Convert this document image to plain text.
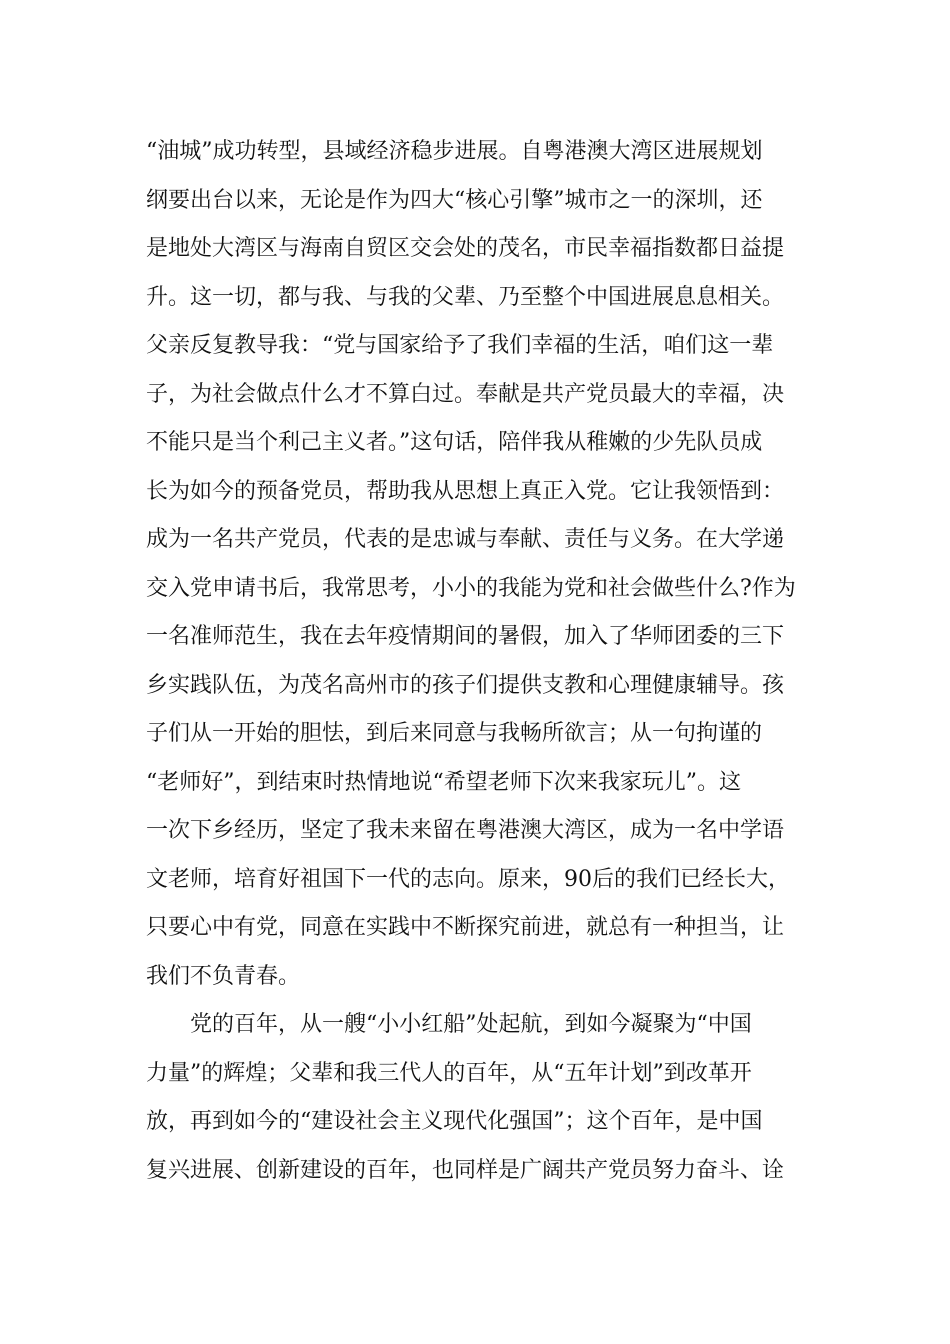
“油城”成功转型，县域经济稳步进展。自粤港澳大湾区进展规划
纲要出台以来，无论是作为四大“核心引擎”城市之一的深圳，还
是地处大湾区与海南自贸区交会处的茂名，市民幸福指数都日益提
升。这一切，都与我、与我的父辈、乃至整个中国进展息息相关。
父亲反复教导我：“党与国家给予了我们幸福的生活，咱们这一辈
子，为社会做点什么才不算白过。奉献是共产党员最大的幸福，决
不能只是当个利己主义者。”这句话，陪伴我从稚嫩的少先队员成
长为如今的预备党员，帮助我从思想上真正入党。它让我领悟到：
成为一名共产党员，代表的是忠诚与奉献、责任与义务。在大学递
交入党申请书后，我常思考，小小的我能为党和社会做些什么?作为
一名准师范生，我在去年疫情期间的暑假，加入了华师团委的三下
乡实践队伍，为茂名高州市的孩子们提供支教和心理健康辅导。孩
子们从一开始的胆怯，到后来同意与我畅所欲言；从一句拘谨的
“老师好”，到结束时热情地说“希望老师下次来我家玩儿”。这
一次下乡经历，坚定了我未来留在粤港澳大湾区，成为一名中学语
文老师，培育好祖国下一代的志向。原来，90后的我们已经长大，
只要心中有党，同意在实践中不断探究前进，就总有一种担当，让
我们不负青春。
党的百年，从一艘“小小红船”处起航，到如今凝聚为“中国
力量”的辉煌；父辈和我三代人的百年，从“五年计划”到改革开
放，再到如今的“建设社会主义现代化强国”；这个百年，是中国
复兴进展、创新建设的百年，也同样是广阔共产党员努力奋斗、诠
